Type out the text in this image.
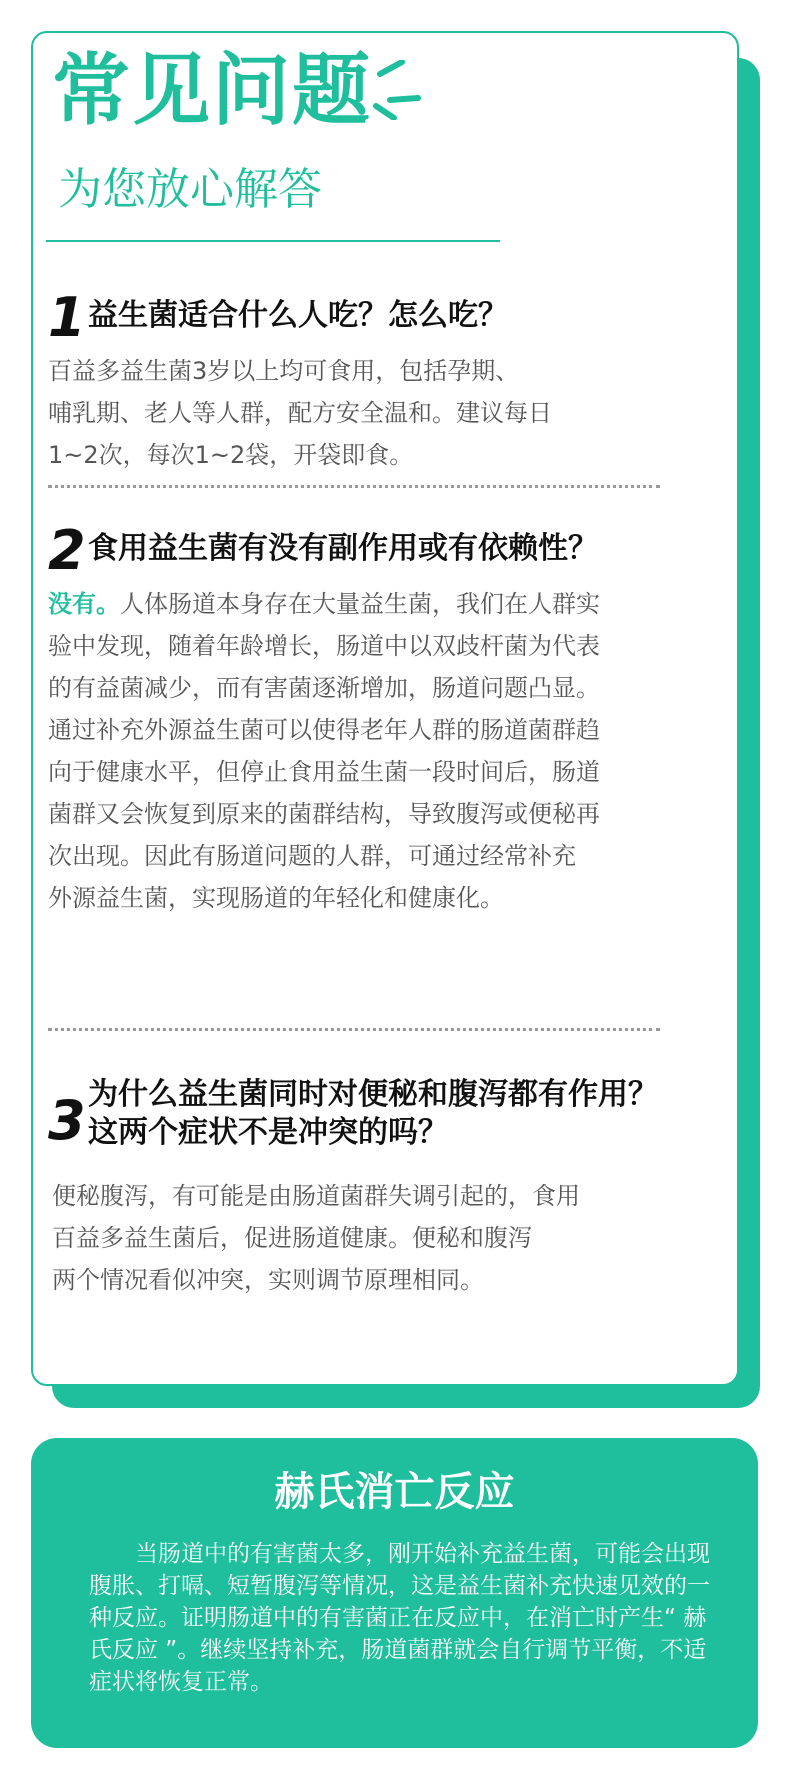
常见问题
为您放心解答
1 益生菌适合什么人吃？怎么吃？
百益多益生菌3岁以上均可食用，包括孕期、
哺乳期、老人等人群，配方安全温和。建议每日
1~2次，每次1~2袋，开袋即食。
2 食用益生菌有没有副作用或有依赖性？
没有。人体肠道本身存在大量益生菌，我们在人群实
验中发现，随着年龄增长，肠道中以双歧杆菌为代表
的有益菌减少，而有害菌逐渐增加，肠道问题凸显。
通过补充外源益生菌可以使得老年人群的肠道菌群趋
向于健康水平，但停止食用益生菌一段时间后，肠道
菌群又会恢复到原来的菌群结构，导致腹泻或便秘再
次出现。因此有肠道问题的人群，可通过经常补充
外源益生菌，实现肠道的年轻化和健康化。
3 为什么益生菌同时对便秘和腹泻都有作用？
这两个症状不是冲突的吗？
便秘腹泻，有可能是由肠道菌群失调引起的，食用
百益多益生菌后，促进肠道健康。便秘和腹泻
两个情况看似冲突，实则调节原理相同。
赫氏消亡反应
当肠道中的有害菌太多，刚开始补充益生菌，可能会出现腹胀、打嗝、短暂腹泻等情况，这是益生菌补充快速见效的一种反应。证明肠道中的有害菌正在反应中，在消亡时产生“ 赫氏反应 ”。继续坚持补充，肠道菌群就会自行调节平衡，不适症状将恢复正常。
